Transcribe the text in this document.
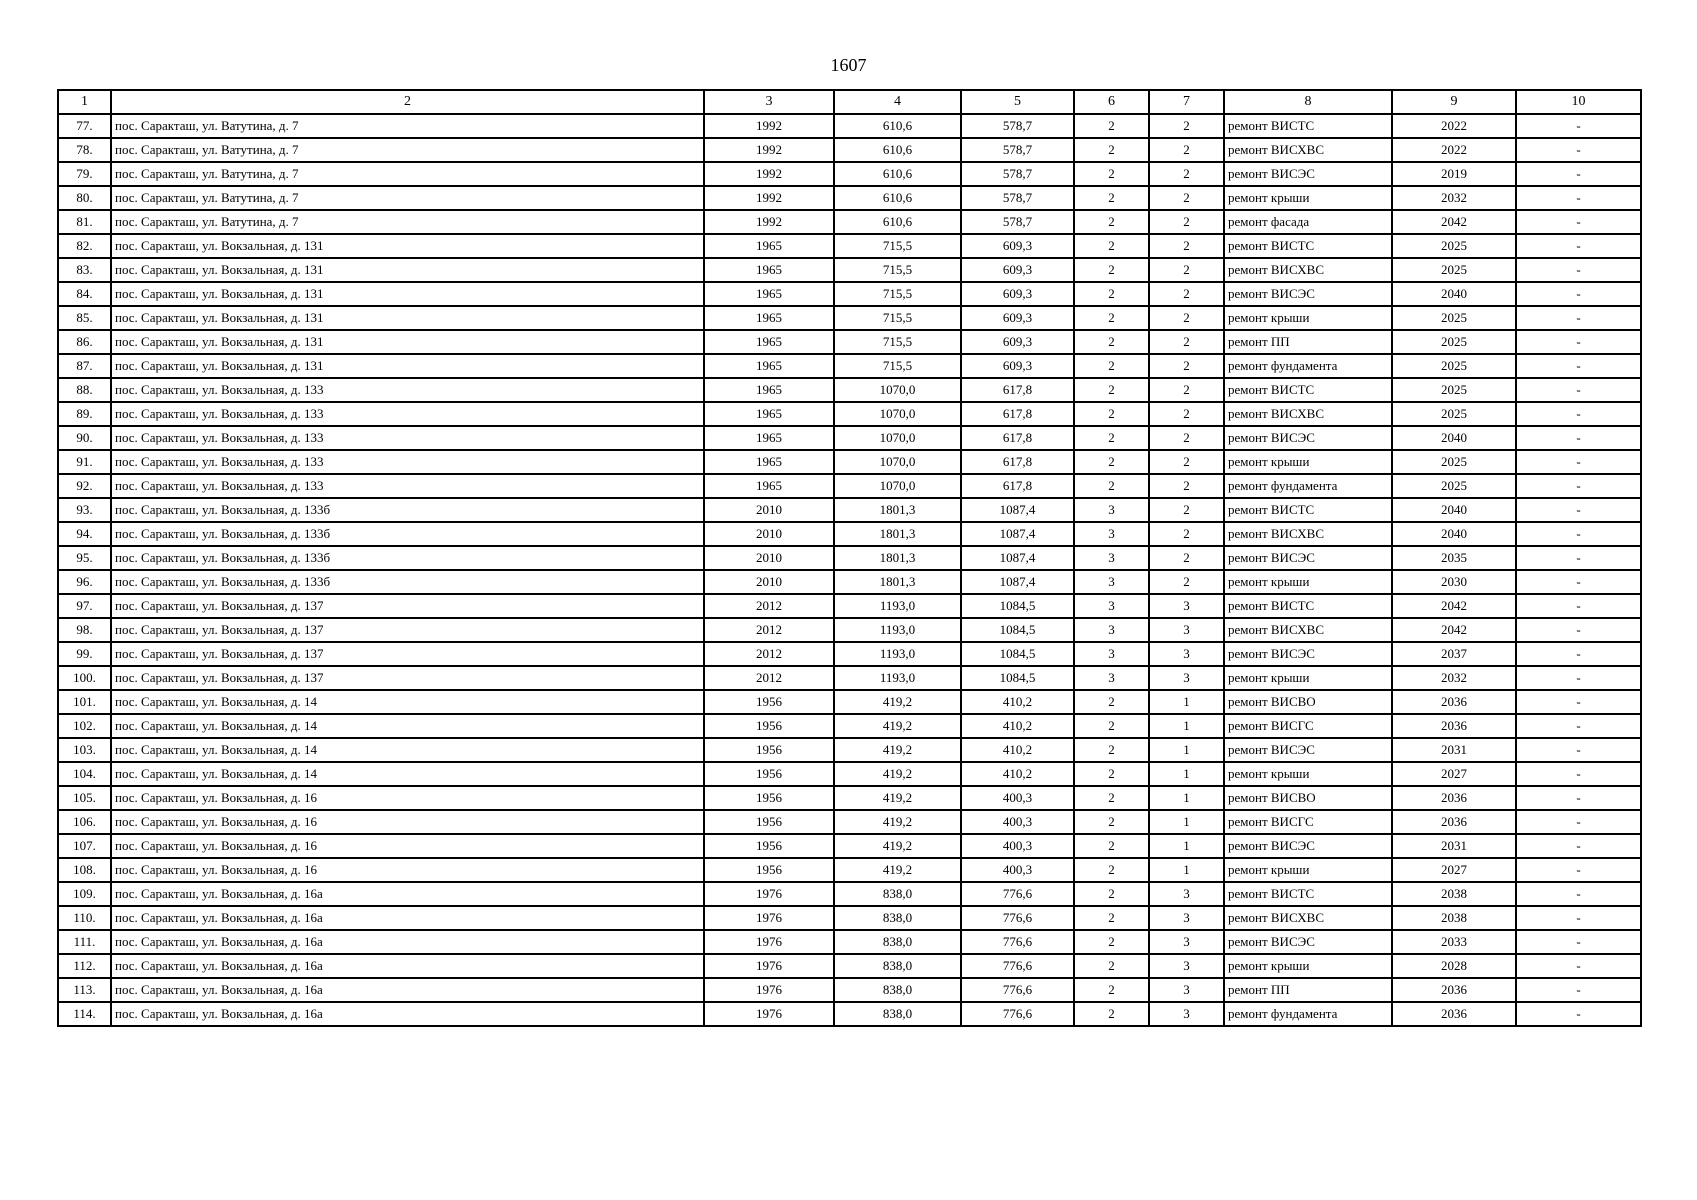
1607
1	2	3	4	5	6	7	8	9	10
77.	пос. Саракташ, ул. Ватутина, д. 7	1992	610,6	578,7	2	2	ремонт ВИСТС	2022	-
78.	пос. Саракташ, ул. Ватутина, д. 7	1992	610,6	578,7	2	2	ремонт ВИСХВС	2022	-
79.	пос. Саракташ, ул. Ватутина, д. 7	1992	610,6	578,7	2	2	ремонт ВИСЭС	2019	-
80.	пос. Саракташ, ул. Ватутина, д. 7	1992	610,6	578,7	2	2	ремонт крыши	2032	-
81.	пос. Саракташ, ул. Ватутина, д. 7	1992	610,6	578,7	2	2	ремонт фасада	2042	-
82.	пос. Саракташ, ул. Вокзальная, д. 131	1965	715,5	609,3	2	2	ремонт ВИСТС	2025	-
83.	пос. Саракташ, ул. Вокзальная, д. 131	1965	715,5	609,3	2	2	ремонт ВИСХВС	2025	-
84.	пос. Саракташ, ул. Вокзальная, д. 131	1965	715,5	609,3	2	2	ремонт ВИСЭС	2040	-
85.	пос. Саракташ, ул. Вокзальная, д. 131	1965	715,5	609,3	2	2	ремонт крыши	2025	-
86.	пос. Саракташ, ул. Вокзальная, д. 131	1965	715,5	609,3	2	2	ремонт ПП	2025	-
87.	пос. Саракташ, ул. Вокзальная, д. 131	1965	715,5	609,3	2	2	ремонт фундамента	2025	-
88.	пос. Саракташ, ул. Вокзальная, д. 133	1965	1070,0	617,8	2	2	ремонт ВИСТС	2025	-
89.	пос. Саракташ, ул. Вокзальная, д. 133	1965	1070,0	617,8	2	2	ремонт ВИСХВС	2025	-
90.	пос. Саракташ, ул. Вокзальная, д. 133	1965	1070,0	617,8	2	2	ремонт ВИСЭС	2040	-
91.	пос. Саракташ, ул. Вокзальная, д. 133	1965	1070,0	617,8	2	2	ремонт крыши	2025	-
92.	пос. Саракташ, ул. Вокзальная, д. 133	1965	1070,0	617,8	2	2	ремонт фундамента	2025	-
93.	пос. Саракташ, ул. Вокзальная, д. 133б	2010	1801,3	1087,4	3	2	ремонт ВИСТС	2040	-
94.	пос. Саракташ, ул. Вокзальная, д. 133б	2010	1801,3	1087,4	3	2	ремонт ВИСХВС	2040	-
95.	пос. Саракташ, ул. Вокзальная, д. 133б	2010	1801,3	1087,4	3	2	ремонт ВИСЭС	2035	-
96.	пос. Саракташ, ул. Вокзальная, д. 133б	2010	1801,3	1087,4	3	2	ремонт крыши	2030	-
97.	пос. Саракташ, ул. Вокзальная, д. 137	2012	1193,0	1084,5	3	3	ремонт ВИСТС	2042	-
98.	пос. Саракташ, ул. Вокзальная, д. 137	2012	1193,0	1084,5	3	3	ремонт ВИСХВС	2042	-
99.	пос. Саракташ, ул. Вокзальная, д. 137	2012	1193,0	1084,5	3	3	ремонт ВИСЭС	2037	-
100.	пос. Саракташ, ул. Вокзальная, д. 137	2012	1193,0	1084,5	3	3	ремонт крыши	2032	-
101.	пос. Саракташ, ул. Вокзальная, д. 14	1956	419,2	410,2	2	1	ремонт ВИСВО	2036	-
102.	пос. Саракташ, ул. Вокзальная, д. 14	1956	419,2	410,2	2	1	ремонт ВИСГС	2036	-
103.	пос. Саракташ, ул. Вокзальная, д. 14	1956	419,2	410,2	2	1	ремонт ВИСЭС	2031	-
104.	пос. Саракташ, ул. Вокзальная, д. 14	1956	419,2	410,2	2	1	ремонт крыши	2027	-
105.	пос. Саракташ, ул. Вокзальная, д. 16	1956	419,2	400,3	2	1	ремонт ВИСВО	2036	-
106.	пос. Саракташ, ул. Вокзальная, д. 16	1956	419,2	400,3	2	1	ремонт ВИСГС	2036	-
107.	пос. Саракташ, ул. Вокзальная, д. 16	1956	419,2	400,3	2	1	ремонт ВИСЭС	2031	-
108.	пос. Саракташ, ул. Вокзальная, д. 16	1956	419,2	400,3	2	1	ремонт крыши	2027	-
109.	пос. Саракташ, ул. Вокзальная, д. 16а	1976	838,0	776,6	2	3	ремонт ВИСТС	2038	-
110.	пос. Саракташ, ул. Вокзальная, д. 16а	1976	838,0	776,6	2	3	ремонт ВИСХВС	2038	-
111.	пос. Саракташ, ул. Вокзальная, д. 16а	1976	838,0	776,6	2	3	ремонт ВИСЭС	2033	-
112.	пос. Саракташ, ул. Вокзальная, д. 16а	1976	838,0	776,6	2	3	ремонт крыши	2028	-
113.	пос. Саракташ, ул. Вокзальная, д. 16а	1976	838,0	776,6	2	3	ремонт ПП	2036	-
114.	пос. Саракташ, ул. Вокзальная, д. 16а	1976	838,0	776,6	2	3	ремонт фундамента	2036	-
